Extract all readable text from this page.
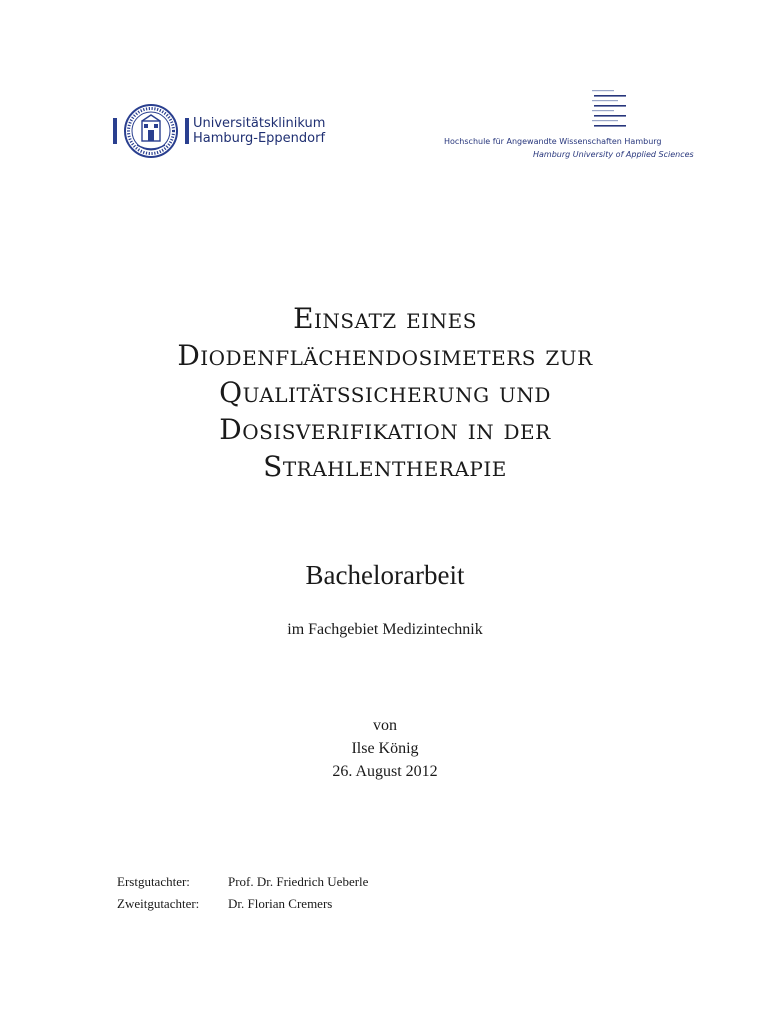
Universitätsklinikum
Hamburg-Eppendorf	Hochschule für Angewandte Wissenschaften Hamburg
Hamburg University of Applied Sciences
Einsatz eines
Diodenflächendosimeters zur
Qualitätssicherung und
Dosisverifikation in der
Strahlentherapie
Bachelorarbeit
im Fachgebiet Medizintechnik
von
Ilse König
26. August 2012
Erstgutachter:	Prof. Dr. Friedrich Ueberle
Zweitgutachter:	Dr. Florian Cremers
